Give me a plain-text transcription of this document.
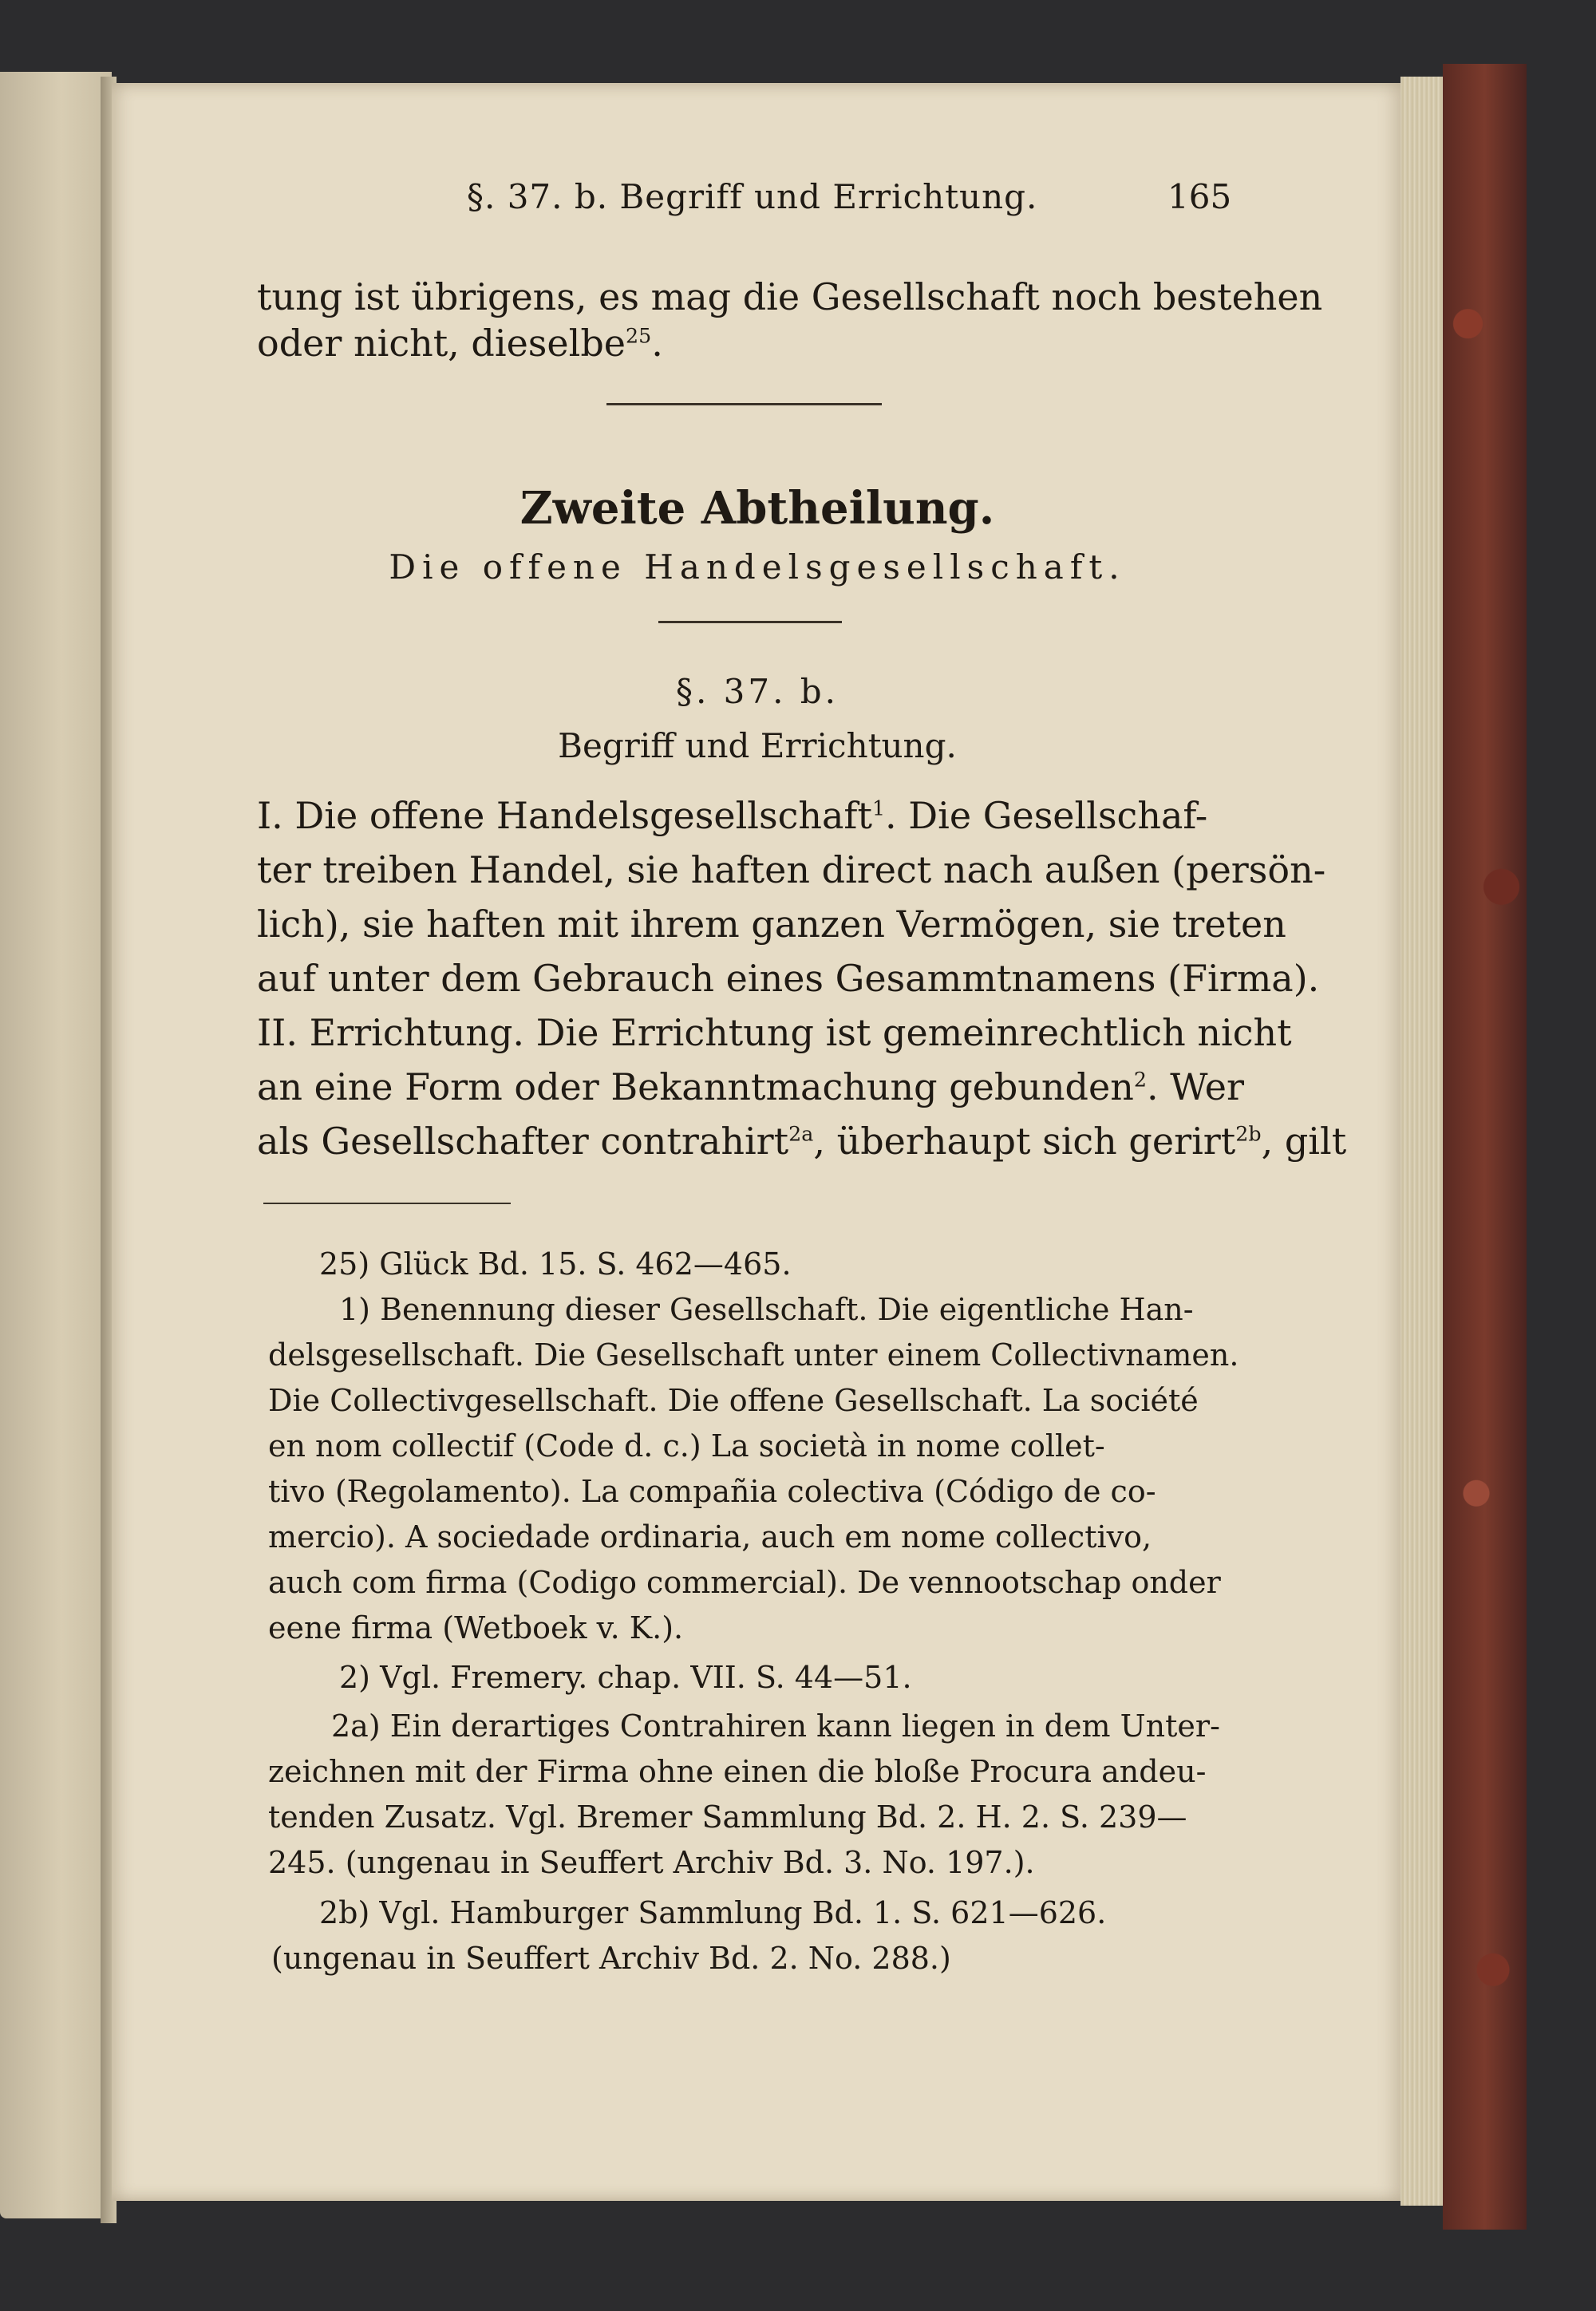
§. 37. b. Begriff und Errichtung.	165
tung ist übrigens, es mag die Gesellschaft noch bestehen
oder nicht, dieselbe$^{25}$.
Zweite Abtheilung.
Die offene Handelsgesellschaft.
§. 37. b.
Begriff und Errichtung.
I. Die offene Handelsgesellschaft$^1$. Die Gesellschaf-
ter treiben Handel, sie haften direct nach außen (persön-
lich), sie haften mit ihrem ganzen Vermögen, sie treten
auf unter dem Gebrauch eines Gesammtnamens (Firma).
II. Errichtung. Die Errichtung ist gemeinrechtlich nicht
an eine Form oder Bekanntmachung gebunden$^2$. Wer
als Gesellschafter contrahirt$^{2a}$, überhaupt sich gerirt$^{2b}$, gilt
25) Glück Bd. 15. S. 462—465.
1) Benennung dieser Gesellschaft. Die eigentliche Han-
delsgesellschaft. Die Gesellschaft unter einem Collectivnamen.
Die Collectivgesellschaft. Die offene Gesellschaft. La société
en nom collectif (Code d. c.) La società in nome collet-
tivo (Regolamento). La compañia colectiva (Código de co-
mercio). A sociedade ordinaria, auch em nome collectivo,
auch com firma (Codigo commercial). De vennootschap onder
eene firma (Wetboek v. K.).
2) Vgl. Fremery. chap. VII. S. 44—51.
2a) Ein derartiges Contrahiren kann liegen in dem Unter-
zeichnen mit der Firma ohne einen die bloße Procura andeu-
tenden Zusatz. Vgl. Bremer Sammlung Bd. 2. H. 2. S. 239—
245. (ungenau in Seuffert Archiv Bd. 3. No. 197.).
2b) Vgl. Hamburger Sammlung Bd. 1. S. 621—626.
(ungenau in Seuffert Archiv Bd. 2. No. 288.)
